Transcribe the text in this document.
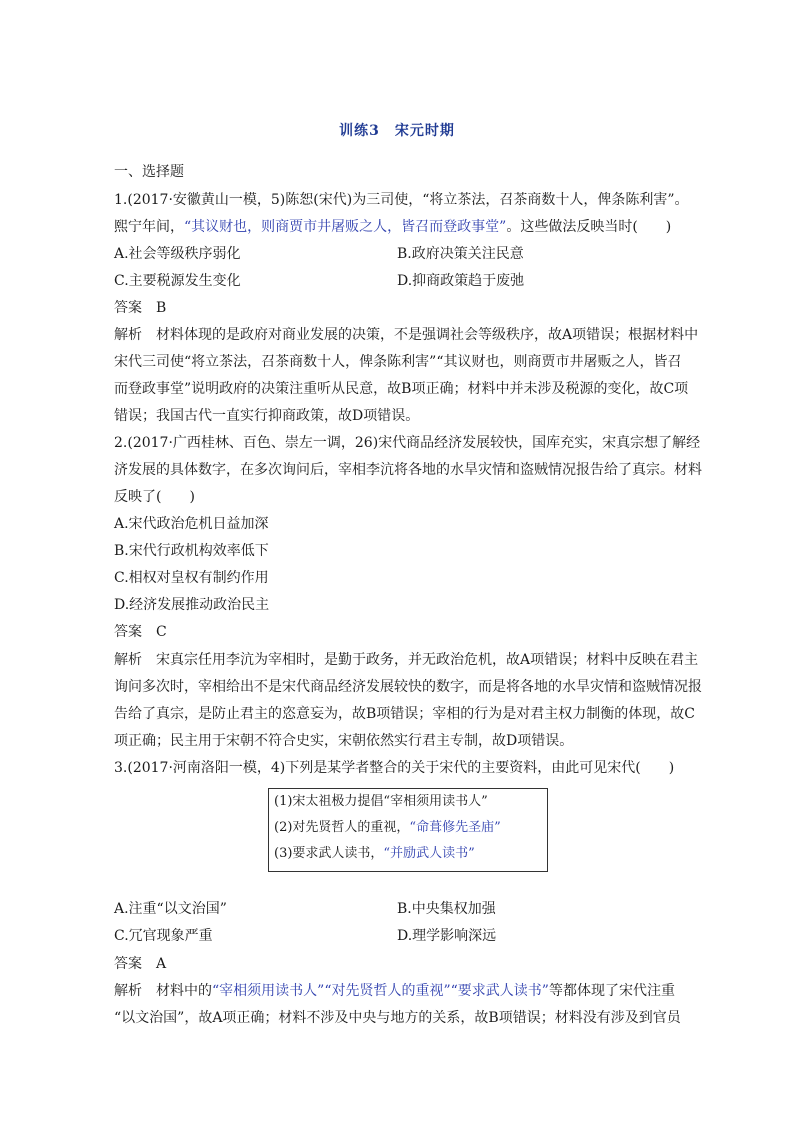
训练3　宋元时期
一、选择题
1.(2017·安徽黄山一模，5)陈恕(宋代)为三司使，“将立茶法，召茶商数十人，俾条陈利害”。
熙宁年间，“其议财也，则商贾市井屠贩之人，皆召而登政事堂”。这些做法反映当时(　　)
A.社会等级秩序弱化	B.政府决策关注民意
C.主要税源发生变化	D.抑商政策趋于废弛
答案　B
解析　材料体现的是政府对商业发展的决策，不是强调社会等级秩序，故A项错误；根据材料中
宋代三司使“将立茶法，召茶商数十人，俾条陈利害”“其议财也，则商贾市井屠贩之人，皆召
而登政事堂”说明政府的决策注重听从民意，故B项正确；材料中并未涉及税源的变化，故C项
错误；我国古代一直实行抑商政策，故D项错误。
2.(2017·广西桂林、百色、崇左一调，26)宋代商品经济发展较快，国库充实，宋真宗想了解经
济发展的具体数字，在多次询问后，宰相李沆将各地的水旱灾情和盗贼情况报告给了真宗。材料
反映了(　　)
A.宋代政治危机日益加深
B.宋代行政机构效率低下
C.相权对皇权有制约作用
D.经济发展推动政治民主
答案　C
解析　宋真宗任用李沆为宰相时，是勤于政务，并无政治危机，故A项错误；材料中反映在君主
询问多次时，宰相给出不是宋代商品经济发展较快的数字，而是将各地的水旱灾情和盗贼情况报
告给了真宗，是防止君主的恣意妄为，故B项错误；宰相的行为是对君主权力制衡的体现，故C
项正确；民主用于宋朝不符合史实，宋朝依然实行君主专制，故D项错误。
3.(2017·河南洛阳一模，4)下列是某学者整合的关于宋代的主要资料，由此可见宋代(　　)
(1)宋太祖极力提倡“宰相须用读书人”
(2)对先贤哲人的重视，“命葺修先圣庙”
(3)要求武人读书，“并励武人读书”
A.注重“以文治国”	B.中央集权加强
C.冗官现象严重	D.理学影响深远
答案　A
解析　材料中的“宰相须用读书人”“对先贤哲人的重视”“要求武人读书”等都体现了宋代注重
“以文治国”，故A项正确；材料不涉及中央与地方的关系，故B项错误；材料没有涉及到官员
